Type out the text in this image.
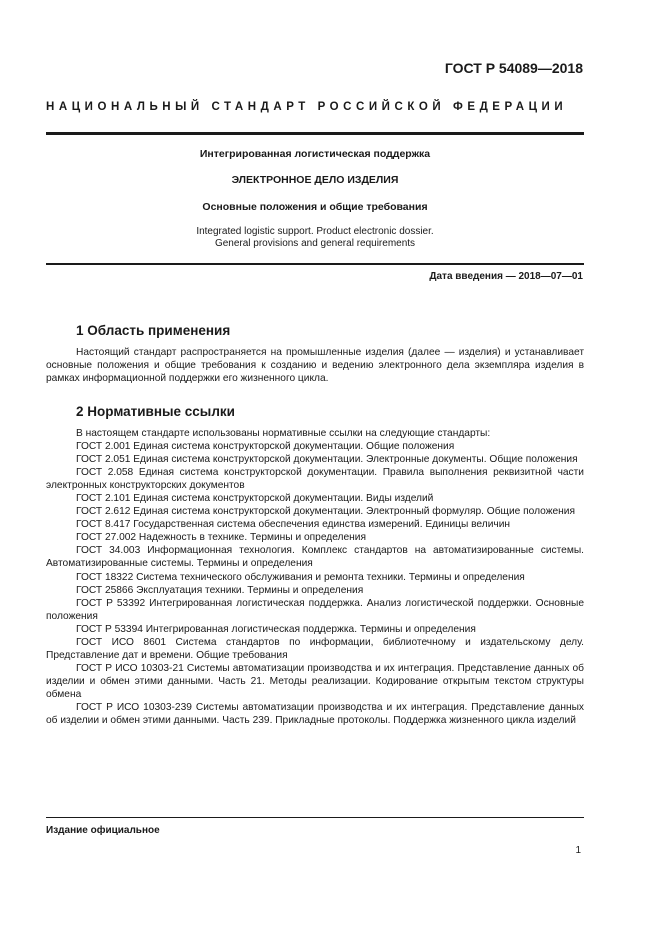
ГОСТ Р 54089—2018
НАЦИОНАЛЬНЫЙ СТАНДАРТ РОССИЙСКОЙ ФЕДЕРАЦИИ
Интегрированная логистическая поддержка
ЭЛЕКТРОННОЕ ДЕЛО ИЗДЕЛИЯ
Основные положения и общие требования
Integrated logistic support. Product electronic dossier.
General provisions and general requirements
Дата введения — 2018—07—01
1 Область применения

Настоящий стандарт распространяется на промышленные изделия (далее — изделия) и устанавливает основные положения и общие требования к созданию и ведению электронного дела экземпляра изделия в рамках информационной поддержки его жизненного цикла.

2 Нормативные ссылки

В настоящем стандарте использованы нормативные ссылки на следующие стандарты:

ГОСТ 2.001 Единая система конструкторской документации. Общие положения

ГОСТ 2.051 Единая система конструкторской документации. Электронные документы. Общие положения

ГОСТ 2.058 Единая система конструкторской документации. Правила выполнения реквизитной части электронных конструкторских документов

ГОСТ 2.101 Единая система конструкторской документации. Виды изделий

ГОСТ 2.612 Единая система конструкторской документации. Электронный формуляр. Общие положения

ГОСТ 8.417 Государственная система обеспечения единства измерений. Единицы величин

ГОСТ 27.002 Надежность в технике. Термины и определения

ГОСТ 34.003 Информационная технология. Комплекс стандартов на автоматизированные системы. Автоматизированные системы. Термины и определения

ГОСТ 18322 Система технического обслуживания и ремонта техники. Термины и определения

ГОСТ 25866 Эксплуатация техники. Термины и определения

ГОСТ Р 53392 Интегрированная логистическая поддержка. Анализ логистической поддержки. Основные положения

ГОСТ Р 53394 Интегрированная логистическая поддержка. Термины и определения

ГОСТ ИСО 8601 Система стандартов по информации, библиотечному и издательскому делу. Представление дат и времени. Общие требования

ГОСТ Р ИСО 10303-21 Системы автоматизации производства и их интеграция. Представление данных об изделии и обмен этими данными. Часть 21. Методы реализации. Кодирование открытым текстом структуры обмена

ГОСТ Р ИСО 10303-239 Системы автоматизации производства и их интеграция. Представление данных об изделии и обмен этими данными. Часть 239. Прикладные протоколы. Поддержка жизненного цикла изделий

Издание официальное
1
